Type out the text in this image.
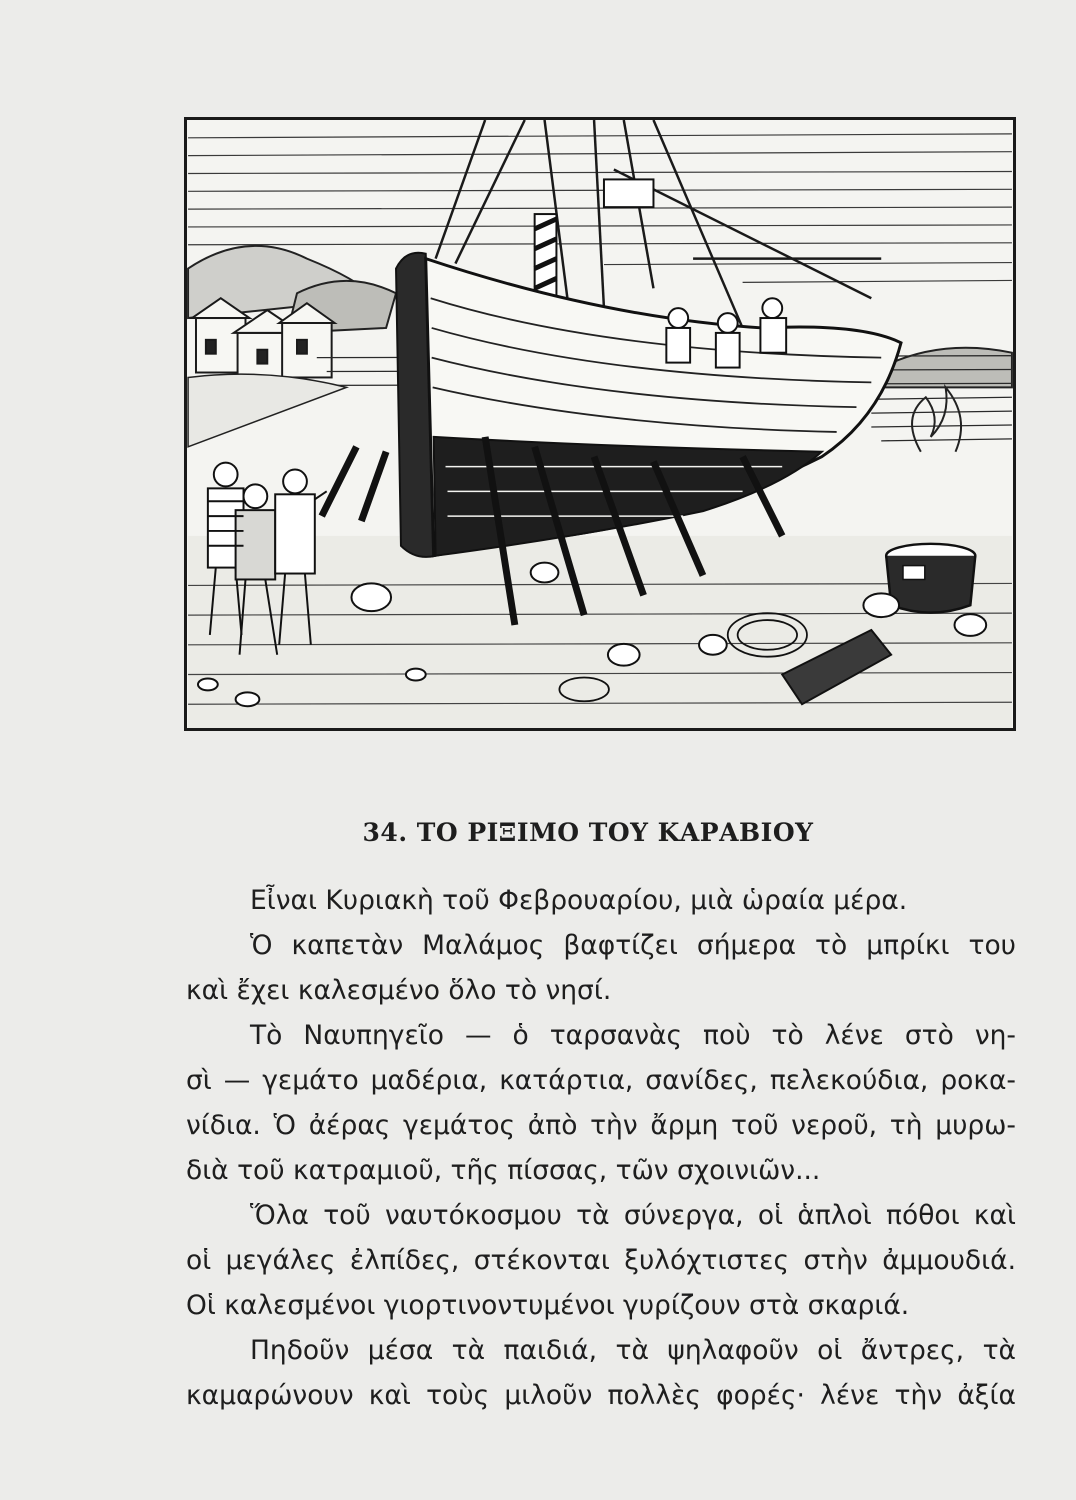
34. ΤΟ ΡΙΞΙΜΟ ΤΟΥ ΚΑΡΑΒΙΟΥ
Εἶναι Κυριακὴ τοῦ Φεβρουαρίου, μιὰ ὡραία μέρα.
Ὁ καπετὰν Μαλάμος βαφτίζει σήμερα τὸ μπρίκι του
καὶ ἔχει καλεσμένο ὅλο τὸ νησί.
Τὸ Ναυπηγεῖο — ὁ ταρσανὰς ποὺ τὸ λένε στὸ νη-
σὶ — γεμάτο μαδέρια, κατάρτια, σανίδες, πελεκούδια, ροκα-
νίδια. Ὁ ἀέρας γεμάτος ἀπὸ τὴν ἄρμη τοῦ νεροῦ, τὴ μυρω-
διὰ τοῦ κατραμιοῦ, τῆς πίσσας, τῶν σχοινιῶν...
Ὅλα τοῦ ναυτόκοσμου τὰ σύνεργα, οἱ ἁπλοὶ πόθοι καὶ
οἱ μεγάλες ἐλπίδες, στέκονται ξυλόχτιστες στὴν ἀμμουδιά.
Οἱ καλεσμένοι γιορτινοντυμένοι γυρίζουν στὰ σκαριά.
Πηδοῦν μέσα τὰ παιδιά, τὰ ψηλαφοῦν οἱ ἄντρες, τὰ
καμαρώνουν καὶ τοὺς μιλοῦν πολλὲς φορές· λένε τὴν ἀξία
